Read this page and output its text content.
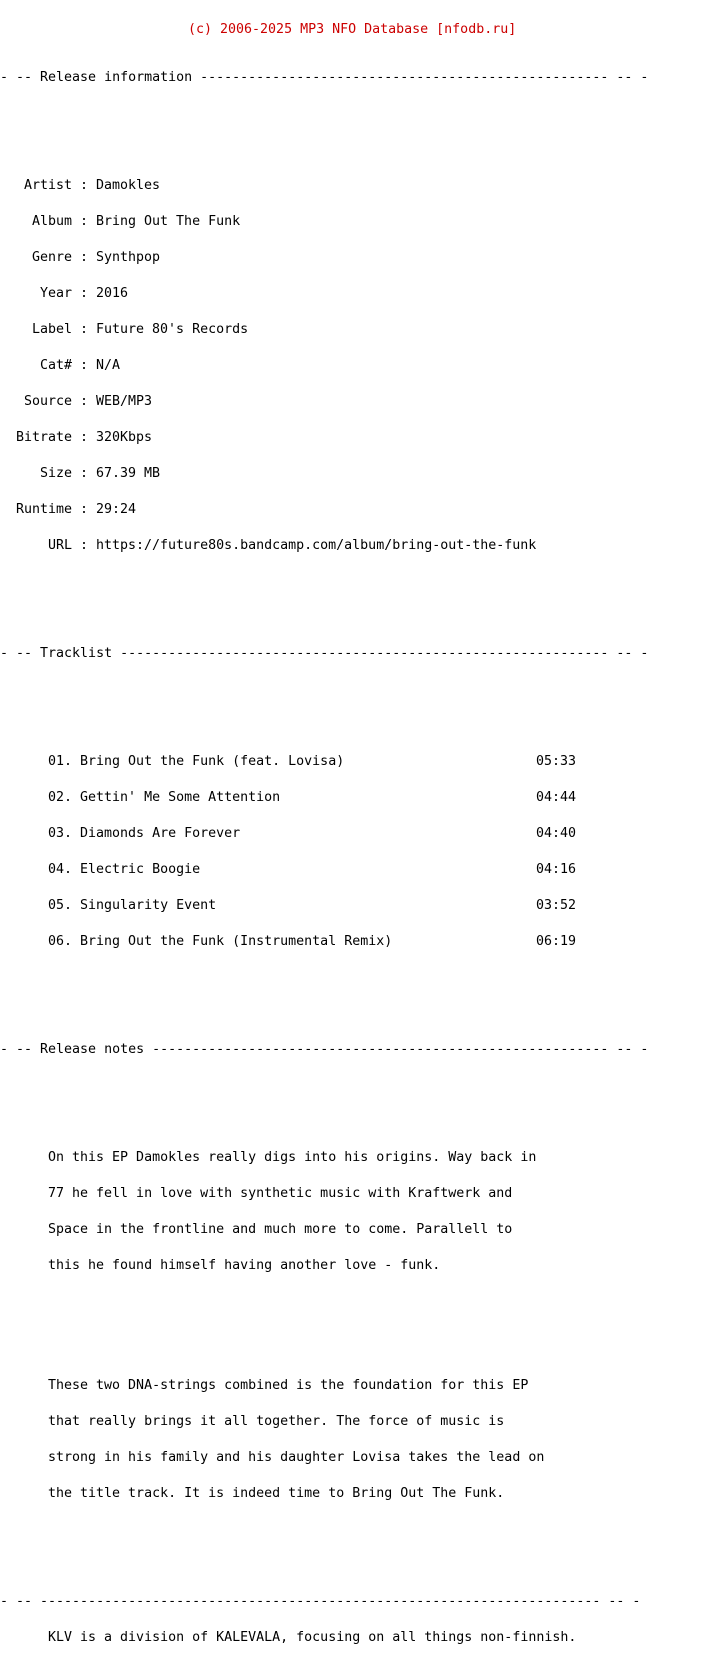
(c) 2006-2025 MP3 NFO Database [nfodb.ru]

- -- Release information --------------------------------------------------- -- -

Artist : Damokles

Album : Bring Out The Funk

Genre : Synthpop

Year : 2016

Label : Future 80's Records

Cat# : N/A

Source : WEB/MP3

Bitrate : 320Kbps

Size : 67.39 MB

Runtime : 29:24

URL : https://future80s.bandcamp.com/album/bring-out-the-funk

- -- Tracklist ------------------------------------------------------------- -- -

01. Bring Out the Funk (feat. Lovisa)	05:33

02. Gettin' Me Some Attention	04:44

03. Diamonds Are Forever	04:40

04. Electric Boogie	04:16

05. Singularity Event	03:52

06. Bring Out the Funk (Instrumental Remix)	06:19

- -- Release notes --------------------------------------------------------- -- -

On this EP Damokles really digs into his origins. Way back in

77 he fell in love with synthetic music with Kraftwerk and

Space in the frontline and much more to come. Parallell to

this he found himself having another love - funk.

These two DNA-strings combined is the foundation for this EP

that really brings it all together. The force of music is

strong in his family and his daughter Lovisa takes the lead on

the title track. It is indeed time to Bring Out The Funk.

- -- ---------------------------------------------------------------------- -- -

KLV is a division of KALEVALA, focusing on all things non-finnish.
